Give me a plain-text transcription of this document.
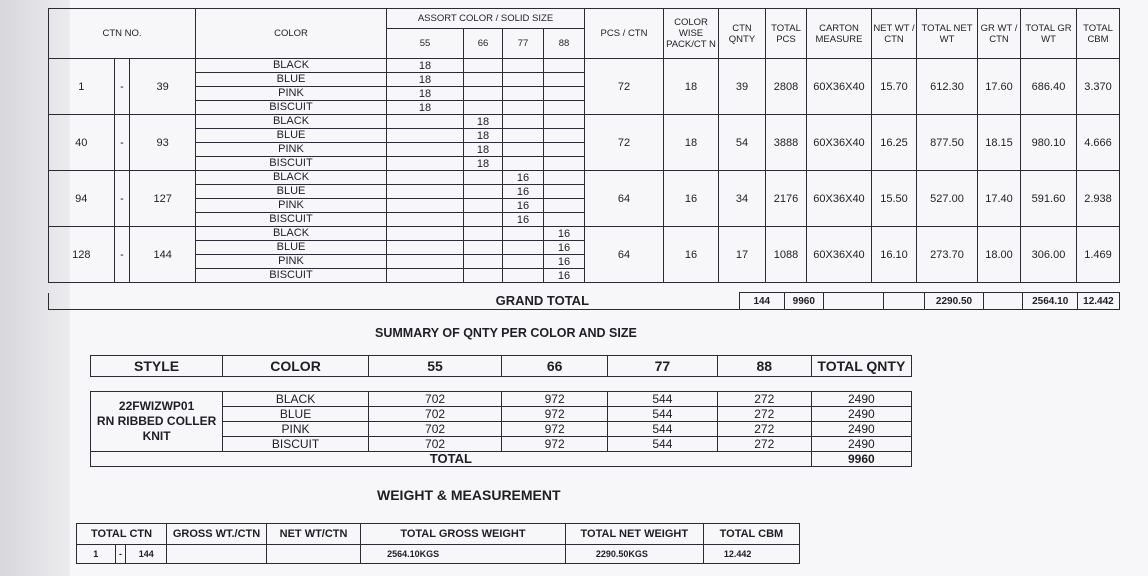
CTN NO.			COLOR	ASSORT COLOR / SOLID SIZE				PCS / CTN	COLOR WISE PACK/CT N	CTN QNTY	TOTAL PCS	CARTON MEASURE	NET WT / CTN	TOTAL NET WT	GR WT / CTN	TOTAL GR WT	TOTAL CBM
				55	66	77	88										
1	-	39	BLACK	18				72	18	39	2808	60X36X40	15.70	612.30	17.60	686.40	3.370
			BLUE	18													
			PINK	18													
			BISCUIT	18													
40	-	93	BLACK		18			72	18	54	3888	60X36X40	16.25	877.50	18.15	980.10	4.666
			BLUE		18												
			PINK		18												
			BISCUIT		18												
94	-	127	BLACK			16		64	16	34	2176	60X36X40	15.50	527.00	17.40	591.60	2.938
			BLUE			16											
			PINK			16											
			BISCUIT			16											
128	-	144	BLACK				16	64	16	17	1088	60X36X40	16.10	273.70	18.00	306.00	1.469
			BLUE				16										
			PINK				16										
			BISCUIT				16										
GRAND TOTAL	144	9960			2290.50		2564.10	12.442
SUMMARY OF QNTY PER COLOR AND SIZE
STYLE	COLOR	55	66	77	88	TOTAL QNTY

22FWIZWP01
RN RIBBED COLLER
KNIT	BLACK	702	972	544	272	2490
	BLUE	702	972	544	272	2490
	PINK	702	972	544	272	2490
	BISCUIT	702	972	544	272	2490
TOTAL						9960
WEIGHT & MEASUREMENT
TOTAL CTN			GROSS WT./CTN	NET WT/CTN	TOTAL GROSS WEIGHT	TOTAL NET WEIGHT	TOTAL CBM
1	-	144			2564.10KGS	2290.50KGS	12.442
